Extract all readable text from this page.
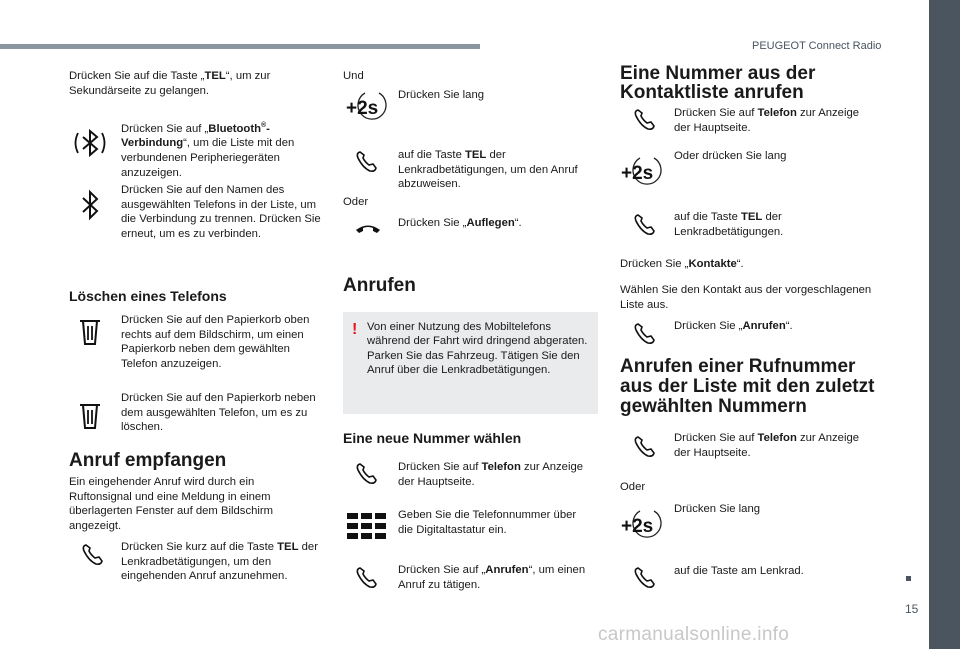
PEUGEOT Connect Radio
Drücken Sie auf die Taste „TEL“, um zur Sekundärseite zu gelangen.
Drücken Sie auf „Bluetooth®-Verbindung“, um die Liste mit den verbundenen Peripheriegeräten anzuzeigen.
Drücken Sie auf den Namen des ausgewählten Telefons in der Liste, um die Verbindung zu trennen. Drücken Sie erneut, um es zu verbinden.
Löschen eines Telefons
Drücken Sie auf den Papierkorb oben rechts auf dem Bildschirm, um einen Papierkorb neben dem gewählten Telefon anzuzeigen.
Drücken Sie auf den Papierkorb neben dem ausgewählten Telefon, um es zu löschen.
Anruf empfangen
Ein eingehender Anruf wird durch ein Ruftonsignal und eine Meldung in einem überlagerten Fenster auf dem Bildschirm angezeigt.
Drücken Sie kurz auf die Taste TEL der Lenkradbetätigungen, um den eingehenden Anruf anzunehmen.
Und
+2s
Drücken Sie lang
auf die Taste TEL der Lenkradbetätigungen, um den Anruf abzuweisen.
Oder
Drücken Sie „Auflegen“.
Anrufen
! Von einer Nutzung des Mobiltelefons während der Fahrt wird dringend abgeraten. Parken Sie das Fahrzeug. Tätigen Sie den Anruf über die Lenkradbetätigungen.
Eine neue Nummer wählen
Drücken Sie auf Telefon zur Anzeige der Hauptseite.
Geben Sie die Telefonnummer über die Digitaltastatur ein.
Drücken Sie auf „Anrufen“, um einen Anruf zu tätigen.
Eine Nummer aus der
Kontaktliste anrufen
Drücken Sie auf Telefon zur Anzeige der Hauptseite.
+2s
Oder drücken Sie lang
auf die Taste TEL der Lenkradbetätigungen.
Drücken Sie „Kontakte“.
Wählen Sie den Kontakt aus der vorgeschlagenen Liste aus.
Drücken Sie „Anrufen“.
Anrufen einer Rufnummer
aus der Liste mit den zuletzt
gewählten Nummern
Drücken Sie auf Telefon zur Anzeige der Hauptseite.
Oder
+2s
Drücken Sie lang
auf die Taste am Lenkrad.
15
carmanualsonline.info
